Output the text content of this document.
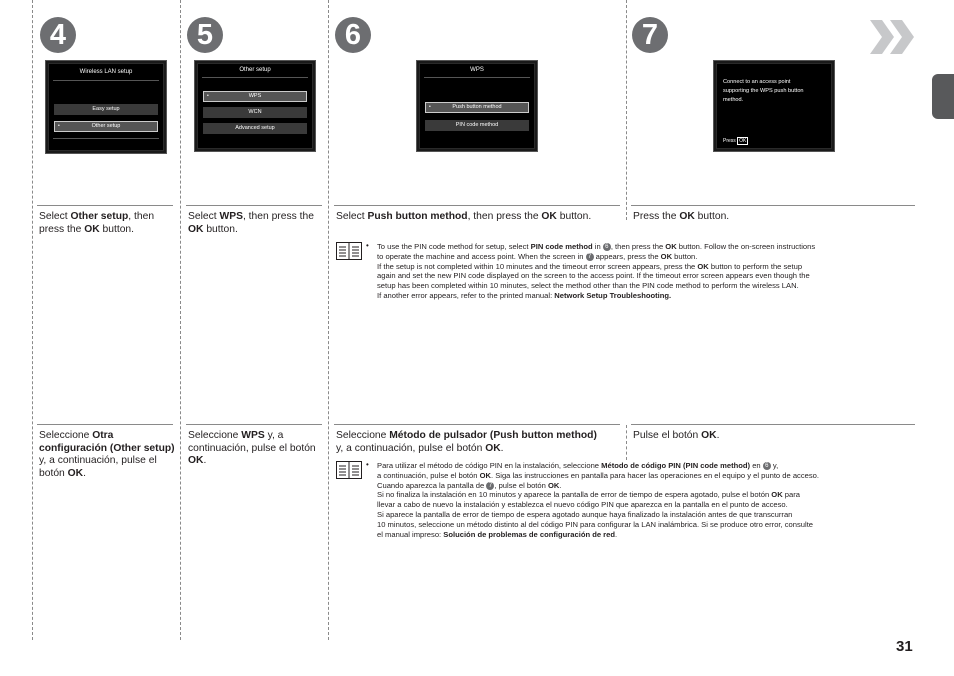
4	5	6	7
Wireless LAN setup
Easy setup
•	Other setup
Other setup
•	WPS
WCN
Advanced setup
WPS
•	Push button method
PIN code method
Connect to an access point supporting the WPS push button method.
Press OK
Select Other setup, then press the OK button.
Select WPS, then press the OK button.
Select Push button method, then press the OK button.	Press the OK button.
• To use the PIN code method for setup, select PIN code method in 6 , then press the OK button. Follow the on-screen instructions
to operate the machine and access point. When the screen in 7 appears, press the OK button.
If the setup is not completed within 10 minutes and the timeout error screen appears, press the OK button to perform the setup
again and set the new PIN code displayed on the screen to the access point. If the timeout error screen appears even though the
setup has been completed within 10 minutes, select the method other than the PIN code method to perform the wireless LAN.
If another error appears, refer to the printed manual: Network Setup Troubleshooting.
Seleccione Otra configuración (Other setup) y, a continuación, pulse el botón OK.
Seleccione WPS y, a continuación, pulse el botón OK.
Seleccione Método de pulsador (Push button method) y, a continuación, pulse el botón OK.
Pulse el botón OK.
• Para utilizar el método de código PIN en la instalación, seleccione Método de código PIN (PIN code method) en 6 y,
a continuación, pulse el botón OK. Siga las instrucciones en pantalla para hacer las operaciones en el equipo y el punto de acceso.
Cuando aparezca la pantalla de 7 , pulse el botón OK.
Si no finaliza la instalación en 10 minutos y aparece la pantalla de error de tiempo de espera agotado, pulse el botón OK para
llevar a cabo de nuevo la instalación y establezca el nuevo código PIN que aparezca en la pantalla en el punto de acceso.
Si aparece la pantalla de error de tiempo de espera agotado aunque haya finalizado la instalación antes de que transcurran
10 minutos, seleccione un método distinto al del código PIN para configurar la LAN inalámbrica. Si se produce otro error, consulte
el manual impreso: Solución de problemas de configuración de red.
31
